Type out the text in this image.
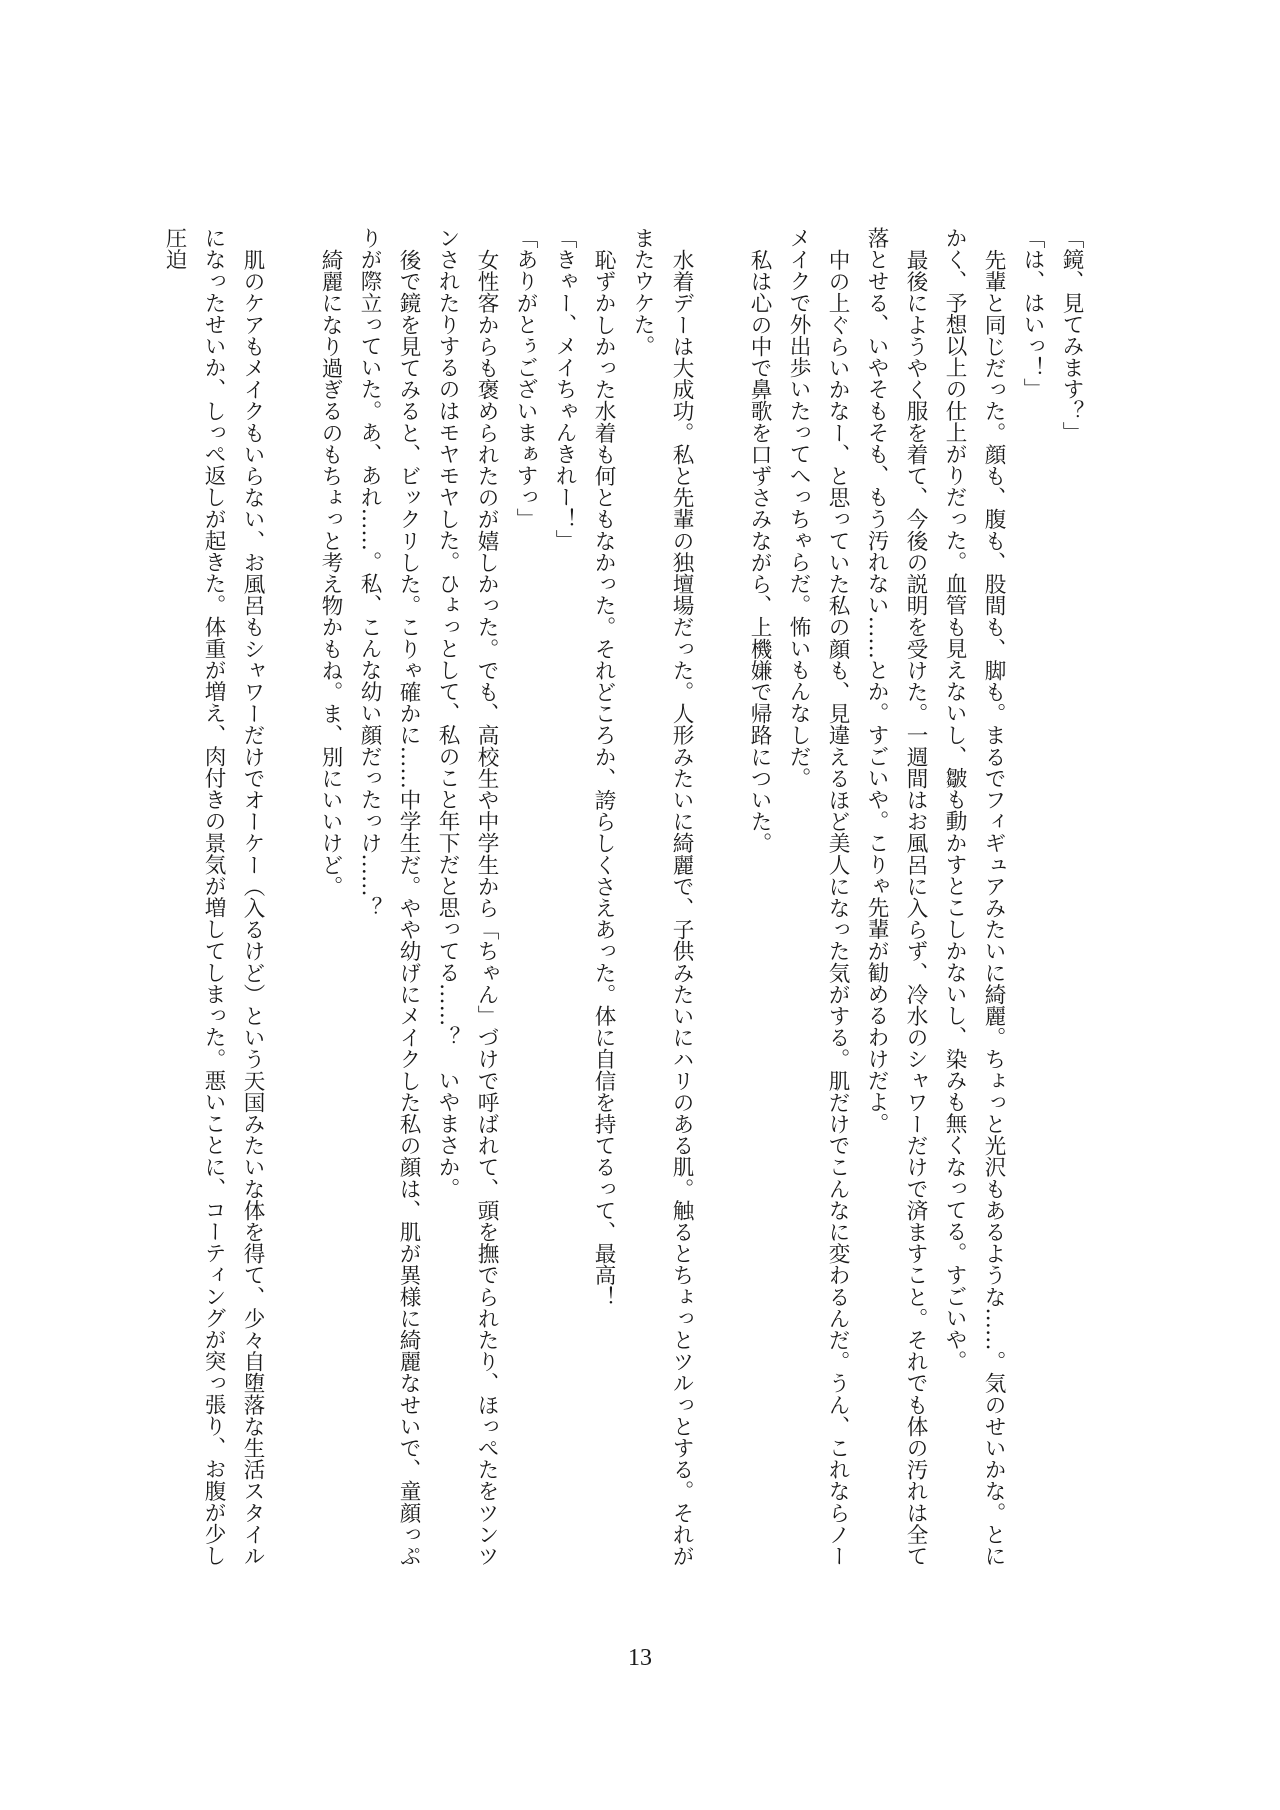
「鏡、見てみます？」

「は、はいっ！」

先輩と同じだった。顔も、腹も、股間も、脚も。まるでフィギュアみたいに綺麗。ちょっと光沢もあるような……。気のせいかな。とにかく、予想以上の仕上がりだった。血管も見えないし、皺も動かすとこしかないし、染みも無くなってる。すごいや。

最後にようやく服を着て、今後の説明を受けた。一週間はお風呂に入らず、冷水のシャワーだけで済ますこと。それでも体の汚れは全て落とせる、いやそもそも、もう汚れない……とか。すごいや。こりゃ先輩が勧めるわけだよ。

中の上ぐらいかなー、と思っていた私の顔も、見違えるほど美人になった気がする。肌だけでこんなに変わるんだ。うん、これならノーメイクで外出歩いたってへっちゃらだ。怖いもんなしだ。

私は心の中で鼻歌を口ずさみながら、上機嫌で帰路についた。

水着デーは大成功。私と先輩の独壇場だった。人形みたいに綺麗で、子供みたいにハリのある肌。触るとちょっとツルっとする。それがまたウケた。

恥ずかしかった水着も何ともなかった。それどころか、誇らしくさえあった。体に自信を持てるって、最高！

「きゃー、メイちゃんきれー！」

「ありがとぅございまぁすっ」

女性客からも褒められたのが嬉しかった。でも、高校生や中学生から「ちゃん」づけで呼ばれて、頭を撫でられたり、ほっぺたをツンツンされたりするのはモヤモヤした。ひょっとして、私のこと年下だと思ってる……？　いやまさか。

後で鏡を見てみると、ビックリした。こりゃ確かに……中学生だ。やや幼げにメイクした私の顔は、肌が異様に綺麗なせいで、童顔っぷりが際立っていた。あ、あれ……。私、こんな幼い顔だったっけ……？

綺麗になり過ぎるのもちょっと考え物かもね。ま、別にいいけど。

肌のケアもメイクもいらない、お風呂もシャワーだけでオーケー（入るけど）という天国みたいな体を得て、少々自堕落な生活スタイルになったせいか、しっぺ返しが起きた。体重が増え、肉付きの景気が増してしまった。悪いことに、コーティングが突っ張り、お腹が少し圧迫

13
